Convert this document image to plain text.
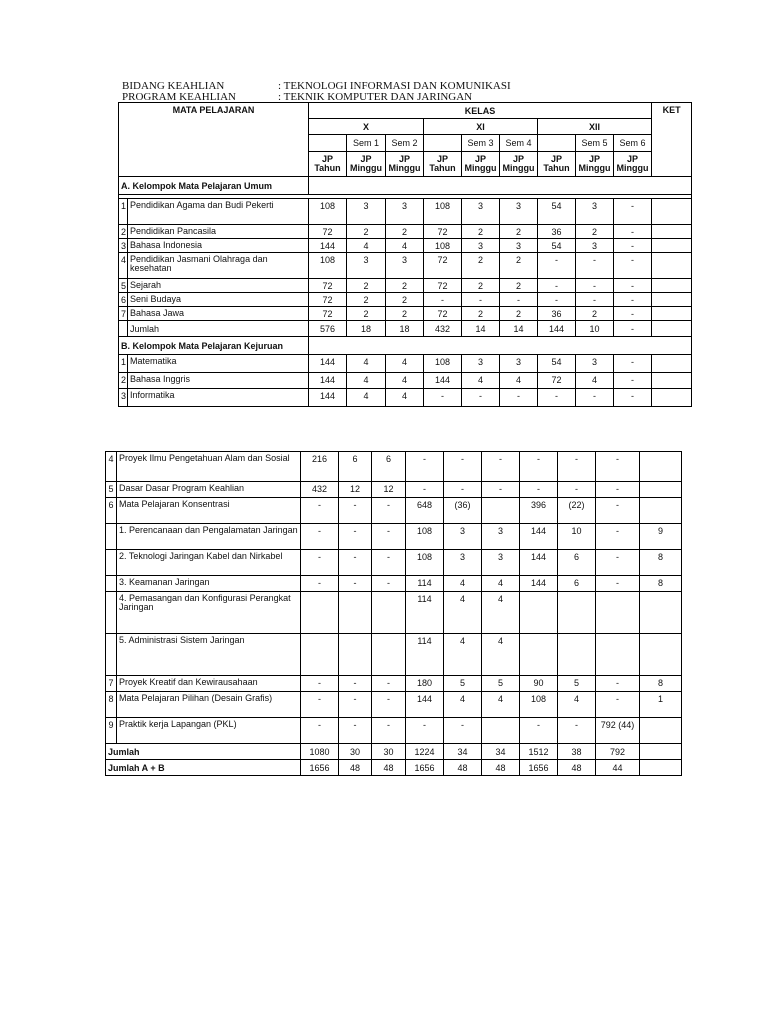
BIDANG KEAHLIAN	: TEKNOLOGI INFORMASI DAN KOMUNIKASI
PROGRAM KEAHLIAN	: TEKNIK KOMPUTER DAN JARINGAN
MATA PELAJARAN		KELAS									KET
		X			XI			XII			
			Sem 1	Sem 2		Sem 3	Sem 4		Sem 5	Sem 6	
		JP Tahun	JP Minggu	JP Minggu	JP Tahun	JP Minggu	JP Minggu	JP Tahun	JP Minggu	JP Minggu	
A. Kelompok Mata Pelajaran Umum											

1	Pendidikan Agama dan Budi Pekerti	108	3	3	108	3	3	54	3	-	
2	Pendidikan Pancasila	72	2	2	72	2	2	36	2	-	
3	Bahasa Indonesia	144	4	4	108	3	3	54	3	-	
4	Pendidikan Jasmani Olahraga dan kesehatan	108	3	3	72	2	2	-	-	-	
5	Sejarah	72	2	2	72	2	2	-	-	-	
6	Seni Budaya	72	2	2	-	-	-	-	-	-	
7	Bahasa Jawa	72	2	2	72	2	2	36	2	-	
	Jumlah	576	18	18	432	14	14	144	10	-	
B. Kelompok Mata Pelajaran Kejuruan											
1	Matematika	144	4	4	108	3	3	54	3	-	
2	Bahasa Inggris	144	4	4	144	4	4	72	4	-	
3	Informatika	144	4	4	-	-	-	-	-	-	
4	Proyek Ilmu Pengetahuan Alam dan Sosial	216	6	6	-	-	-	-	-	-	
5	Dasar Dasar Program Keahlian	432	12	12	-	-	-	-	-	-	
6	Mata Pelajaran Konsentrasi	-	-	-	648	(36)		396	(22)	-	
	1. Perencanaan dan Pengalamatan Jaringan	-	-	-	108	3	3	144	10	-	9
	2. Teknologi Jaringan Kabel dan Nirkabel	-	-	-	108	3	3	144	6	-	8
	3. Keamanan Jaringan	-	-	-	114	4	4	144	6	-	8
	4. Pemasangan dan Konfigurasi Perangkat Jaringan				114	4	4				
	5. Administrasi Sistem Jaringan				114	4	4				
7	Proyek Kreatif dan Kewirausahaan	-	-	-	180	5	5	90	5	-	8
8	Mata Pelajaran Pilihan (Desain Grafis)	-	-	-	144	4	4	108	4	-	1
9	Praktik kerja Lapangan (PKL)	-	-	-	-	-		-	-	792 (44)	
Jumlah		1080	30	30	1224	34	34	1512	38	792	
Jumlah A + B		1656	48	48	1656	48	48	1656	48	44	
